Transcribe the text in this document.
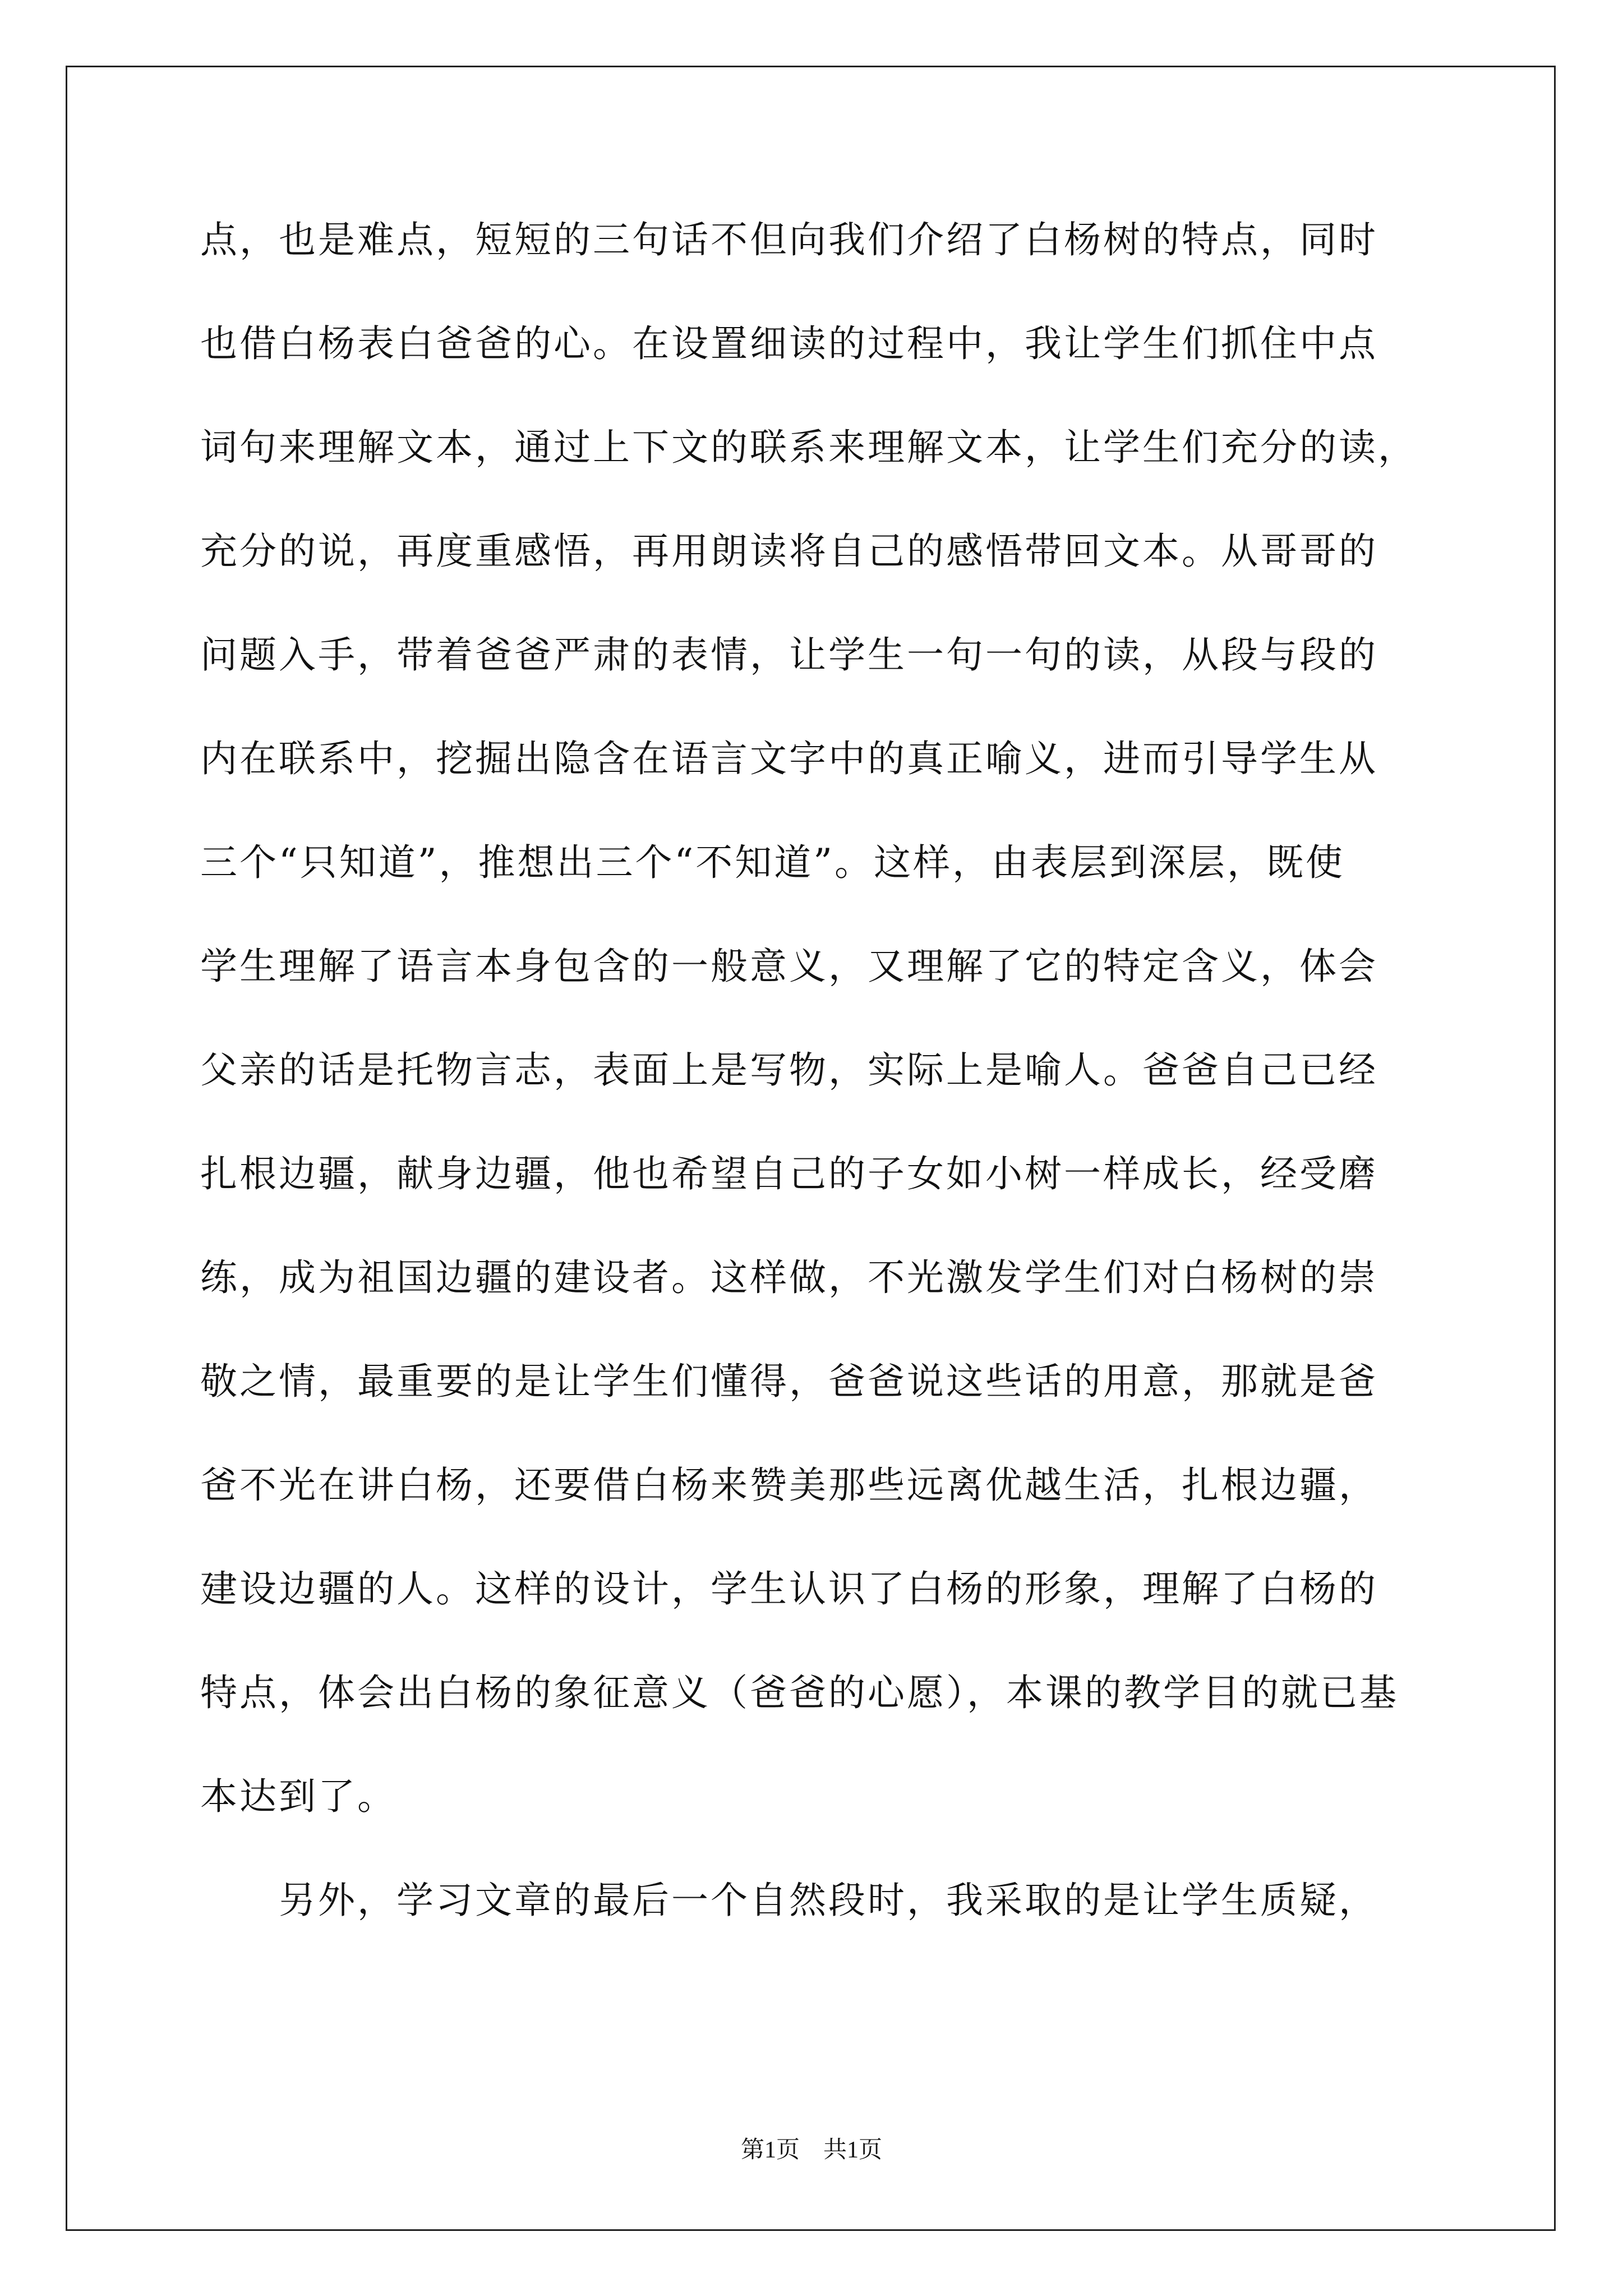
点，也是难点，短短的三句话不但向我们介绍了白杨树的特点，同时
也借白杨表白爸爸的心。在设置细读的过程中，我让学生们抓住中点
词句来理解文本，通过上下文的联系来理解文本，让学生们充分的读，
充分的说，再度重感悟，再用朗读将自己的感悟带回文本。从哥哥的
问题入手，带着爸爸严肃的表情，让学生一句一句的读，从段与段的
内在联系中，挖掘出隐含在语言文字中的真正喻义，进而引导学生从
三个“只知道”，推想出三个“不知道”。这样，由表层到深层，既使
学生理解了语言本身包含的一般意义，又理解了它的特定含义，体会
父亲的话是托物言志，表面上是写物，实际上是喻人。爸爸自己已经
扎根边疆，献身边疆，他也希望自己的子女如小树一样成长，经受磨
练，成为祖国边疆的建设者。这样做，不光激发学生们对白杨树的崇
敬之情，最重要的是让学生们懂得，爸爸说这些话的用意，那就是爸
爸不光在讲白杨，还要借白杨来赞美那些远离优越生活，扎根边疆，
建设边疆的人。这样的设计，学生认识了白杨的形象，理解了白杨的
特点，体会出白杨的象征意义（爸爸的心愿），本课的教学目的就已基
本达到了。
　　另外，学习文章的最后一个自然段时，我采取的是让学生质疑，
第1页　共1页
